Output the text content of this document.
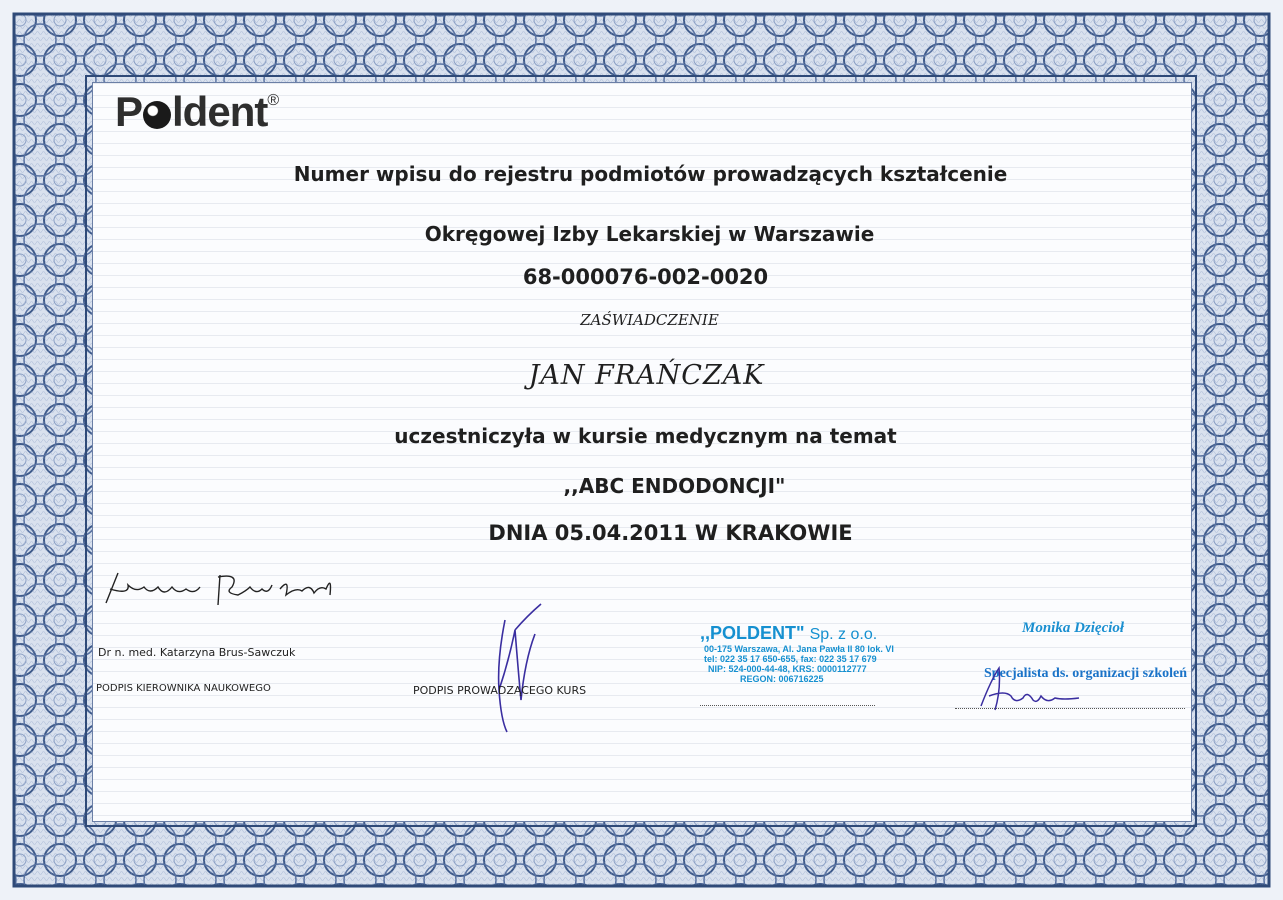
P ldent®
Numer wpisu do rejestru podmiotów prowadzących kształcenie
Okręgowej Izby Lekarskiej w Warszawie
68-000076-002-0020
ZAŚWIADCZENIE
JAN FRAŃCZAK
uczestniczyła w kursie medycznym na temat
,,ABC ENDODONCJI"
DNIA 05.04.2011 W KRAKOWIE
Dr n. med. Katarzyna Brus-Sawczuk
PODPIS KIEROWNIKA NAUKOWEGO	PODPIS PROWADZĄCEGO KURS
,,POLDENT" Sp. z o.o.
00-175 Warszawa, Al. Jana Pawła II 80 lok. VI
tel: 022 35 17 650-655, fax: 022 35 17 679
NIP: 524-000-44-48, KRS: 0000112777
REGON: 006716225
Monika Dzięcioł
Specjalista ds. organizacji szkoleń
